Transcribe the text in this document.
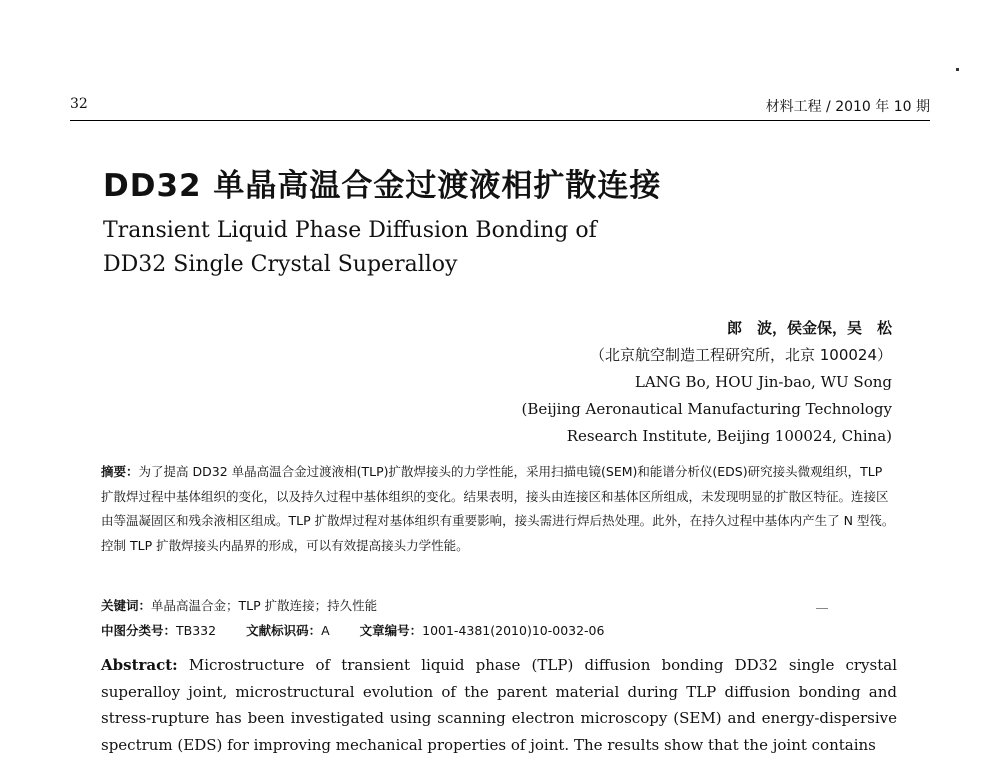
32	材料工程 / 2010 年 10 期
DD32 单晶高温合金过渡液相扩散连接
Transient Liquid Phase Diffusion Bonding of
DD32 Single Crystal Superalloy
郎　波，侯金保，吴　松
（北京航空制造工程研究所，北京 100024）
LANG Bo, HOU Jin-bao, WU Song
(Beijing Aeronautical Manufacturing Technology
Research Institute, Beijing 100024, China)
摘要：为了提高 DD32 单晶高温合金过渡液相(TLP)扩散焊接头的力学性能，采用扫描电镜(SEM)和能谱分析仪(EDS)研究接头微观组织，TLP 扩散焊过程中基体组织的变化，以及持久过程中基体组织的变化。结果表明，接头由连接区和基体区所组成，未发现明显的扩散区特征。连接区由等温凝固区和残余液相区组成。TLP 扩散焊过程对基体组织有重要影响，接头需进行焊后热处理。此外，在持久过程中基体内产生了 N 型筏。控制 TLP 扩散焊接头内晶界的形成，可以有效提高接头力学性能。
关键词：单晶高温合金；TLP 扩散连接；持久性能
中图分类号：TB332 文献标识码：A 文章编号：1001-4381(2010)10-0032-06
Abstract: Microstructure of transient liquid phase (TLP) diffusion bonding DD32 single crystal superalloy joint, microstructural evolution of the parent material during TLP diffusion bonding and stress-rupture has been investigated using scanning electron microscopy (SEM) and energy-dispersive spectrum (EDS) for improving mechanical properties of joint. The results show that the joint contains
